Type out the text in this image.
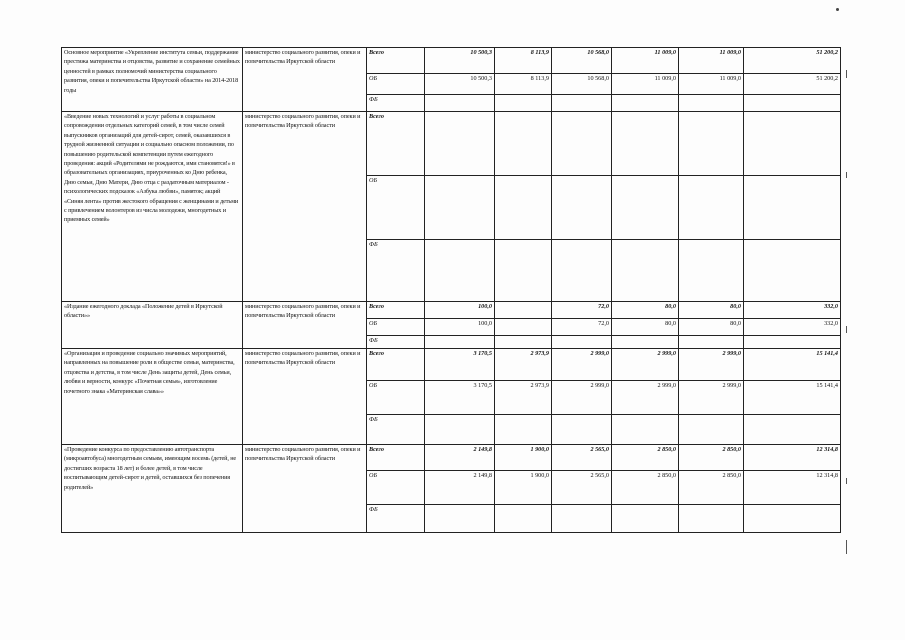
Основное мероприятие «Укрепление института семьи, поддержание престижа материнства и отцовства, развитие и сохранение семейных ценностей в рамках полномочий министерства социального развития, опеки и попечительства Иркутской области» на 2014-2018 годы	министерство социального развития, опеки и попечительства Иркутской области	Всего	10 500,3	8 113,9	10 568,0	11 009,0	11 009,0	51 200,2
		ОБ	10 500,3	8 113,9	10 568,0	11 009,0	11 009,0	51 200,2
		ФБ						
«Введение новых технологий и услуг работы в социальном сопровождении отдельных категорий семей, в том числе семей выпускников организаций для детей-сирот, семей, оказавшихся в трудной жизненной ситуации и социально опасном положении, по повышению родительской компетенции путем ежегодного проведения: акций «Родителями не рождаются, ими становятся!» в образовательных организациях, приуроченных ко Дню ребенка, Дню семьи, Дню Матери, Дню отца с раздаточным материалом - психологических подсказок «Азбука любви», памяток; акций «Синяя лента» против жестокого обращения с женщинами и детьми с привлечением волонтеров из числа молодежи, многодетных и приемных семей»	министерство социального развития, опеки и попечительства Иркутской области	Всего						
		ОБ						
		ФБ						
«Издание ежегодного доклада «Положение детей в Иркутской области»»	министерство социального развития, опеки и попечительства Иркутской области	Всего	100,0		72,0	80,0	80,0	332,0
		ОБ	100,0		72,0	80,0	80,0	332,0
		ФБ						
«Организация и проведение социально значимых мероприятий, направленных на повышение роли в обществе семьи, материнства, отцовства и детства, в том числе День защиты детей, День семьи, любви и верности, конкурс «Почетная семья», изготовление почетного знака «Материнская слава»»	министерство социального развития, опеки и попечительства Иркутской области	Всего	3 170,5	2 973,9	2 999,0	2 999,0	2 999,0	15 141,4
		ОБ	3 170,5	2 973,9	2 999,0	2 999,0	2 999,0	15 141,4
		ФБ						
«Проведение конкурса по предоставлению автотранспорта (микроавтобуса) многодетным семьям, имеющим восемь (детей, не достигших возраста 18 лет) и более детей, в том числе воспитывающим детей-сирот и детей, оставшихся без попечения родителей»	министерство социального развития, опеки и попечительства Иркутской области	Всего	2 149,8	1 900,0	2 565,0	2 850,0	2 850,0	12 314,8
		ОБ	2 149,8	1 900,0	2 565,0	2 850,0	2 850,0	12 314,8
		ФБ						
